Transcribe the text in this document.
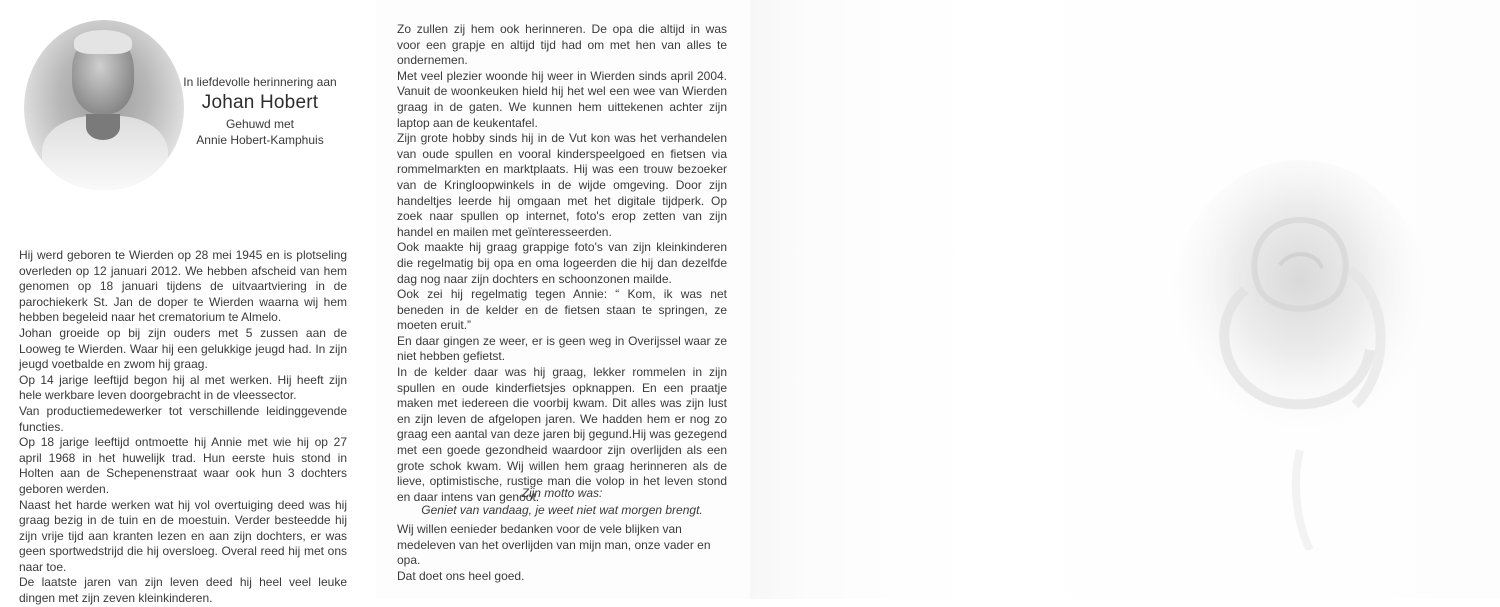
In liefdevolle herinnering aan
Johan Hobert
Gehuwd met
Annie Hobert-Kamphuis

Hij werd geboren te Wierden op 28 mei 1945 en is plotseling overleden op 12 januari 2012. We hebben afscheid van hem genomen op 18 januari tijdens de uitvaartviering in de parochiekerk St. Jan de doper te Wierden waarna wij hem hebben begeleid naar het crematorium te Almelo.

Johan groeide op bij zijn ouders met 5 zussen aan de Looweg te Wierden. Waar hij een gelukkige jeugd had. In zijn jeugd voetbalde en zwom hij graag.

Op 14 jarige leeftijd begon hij al met werken. Hij heeft zijn hele werkbare leven doorgebracht in de vleessector.

Van productiemedewerker tot verschillende leidinggevende functies.

Op 18 jarige leeftijd ontmoette hij Annie met wie hij op 27 april 1968 in het huwelijk trad. Hun eerste huis stond in Holten aan de Schepenenstraat waar ook hun 3 dochters geboren werden.

Naast het harde werken wat hij vol overtuiging deed was hij graag bezig in de tuin en de moestuin. Verder besteedde hij zijn vrije tijd aan kranten lezen en aan zijn dochters, er was geen sportwedstrijd die hij oversloeg. Overal reed hij met ons naar toe.

De laatste jaren van zijn leven deed hij heel veel leuke dingen met zijn zeven kleinkinderen.

Zo zullen zij hem ook herinneren. De opa die altijd in was voor een grapje en altijd tijd had om met hen van alles te ondernemen.

Met veel plezier woonde hij weer in Wierden sinds april 2004. Vanuit de woonkeuken hield hij het wel een wee van Wierden graag in de gaten. We kunnen hem uittekenen achter zijn laptop aan de keukentafel.

Zijn grote hobby sinds hij in de Vut kon was het verhandelen van oude spullen en vooral kinderspeelgoed en fietsen via rommelmarkten en marktplaats. Hij was een trouw bezoeker van de Kringloopwinkels in de wijde omgeving. Door zijn handeltjes leerde hij omgaan met het digitale tijdperk. Op zoek naar spullen op internet, foto's erop zetten van zijn handel en mailen met geïnteresseerden.

Ook maakte hij graag grappige foto's van zijn kleinkinderen die regelmatig bij opa en oma logeerden die hij dan dezelfde dag nog naar zijn dochters en schoonzonen mailde.

Ook zei hij regelmatig tegen Annie: “ Kom, ik was net beneden in de kelder en de fietsen staan te springen, ze moeten eruit.”

En daar gingen ze weer, er is geen weg in Overijssel waar ze niet hebben gefietst.

In de kelder daar was hij graag, lekker rommelen in zijn spullen en oude kinderfietsjes opknappen. En een praatje maken met iedereen die voorbij kwam. Dit alles was zijn lust en zijn leven de afgelopen jaren. We hadden hem er nog zo graag een aantal van deze jaren bij gegund.Hij was gezegend met een goede gezondheid waardoor zijn overlijden als een grote schok kwam. Wij willen hem graag herinneren als de lieve, optimistische, rustige man die volop in het leven stond en daar intens van genoot.

Zijn motto was:
Geniet van vandaag, je weet niet wat morgen brengt.

Wij willen eenieder bedanken voor de vele blijken van medeleven van het overlijden van mijn man, onze vader en opa.

Dat doet ons heel goed.
